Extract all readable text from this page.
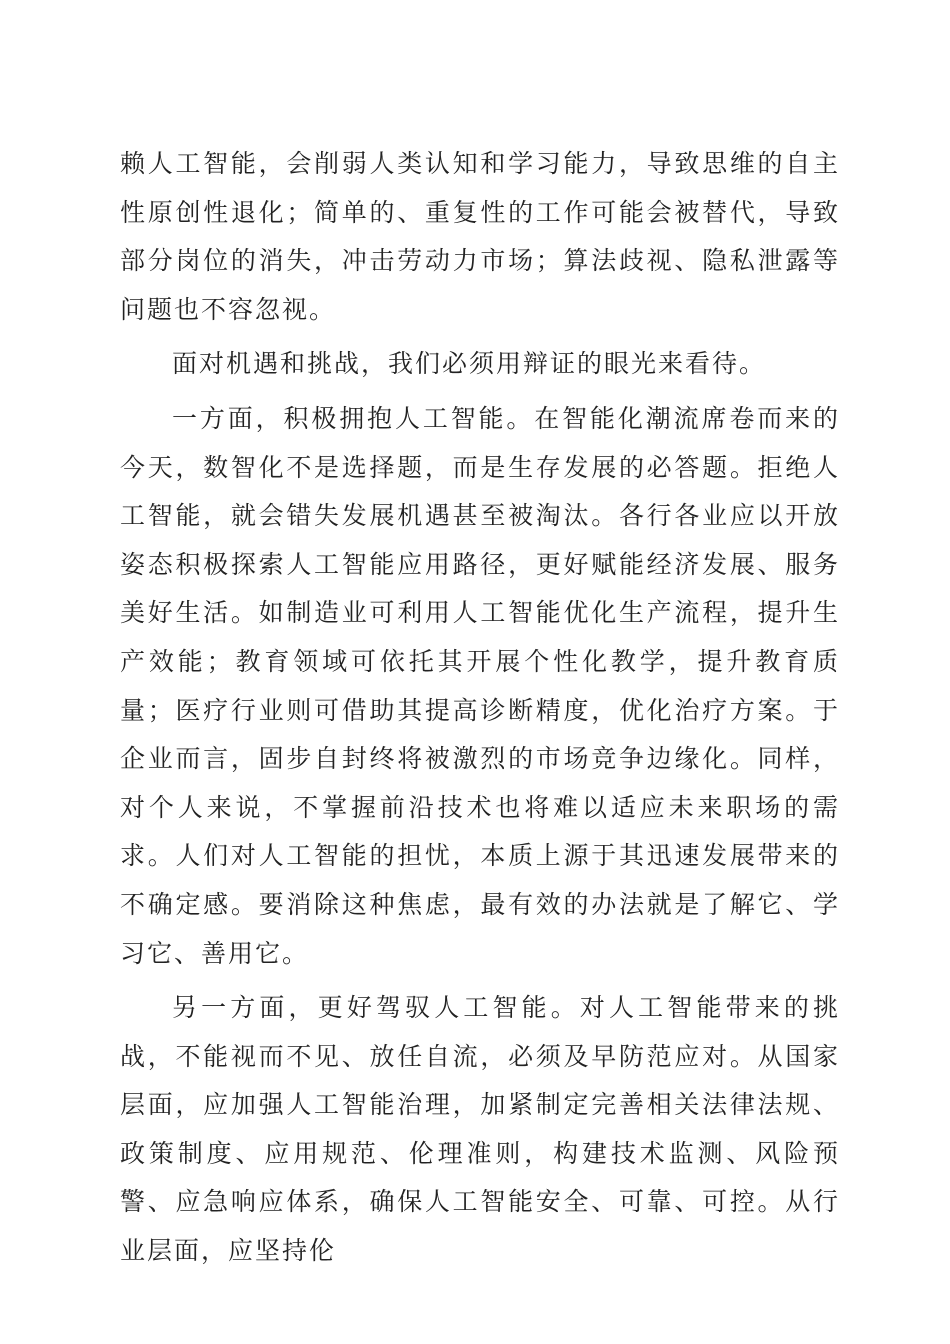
赖人工智能，会削弱人类认知和学习能力，导致思维的自主性原创性退化；简单的、重复性的工作可能会被替代，导致部分岗位的消失，冲击劳动力市场；算法歧视、隐私泄露等问题也不容忽视。

面对机遇和挑战，我们必须用辩证的眼光来看待。

一方面，积极拥抱人工智能。在智能化潮流席卷而来的今天，数智化不是选择题，而是生存发展的必答题。拒绝人工智能，就会错失发展机遇甚至被淘汰。各行各业应以开放姿态积极探索人工智能应用路径，更好赋能经济发展、服务美好生活。如制造业可利用人工智能优化生产流程，提升生产效能；教育领域可依托其开展个性化教学，提升教育质量；医疗行业则可借助其提高诊断精度，优化治疗方案。于企业而言，固步自封终将被激烈的市场竞争边缘化。同样，对个人来说，不掌握前沿技术也将难以适应未来职场的需求。人们对人工智能的担忧，本质上源于其迅速发展带来的不确定感。要消除这种焦虑，最有效的办法就是了解它、学习它、善用它。

另一方面，更好驾驭人工智能。对人工智能带来的挑战，不能视而不见、放任自流，必须及早防范应对。从国家层面，应加强人工智能治理，加紧制定完善相关法律法规、政策制度、应用规范、伦理准则，构建技术监测、风险预警、应急响应体系，确保人工智能安全、可靠、可控。从行业层面，应坚持伦
